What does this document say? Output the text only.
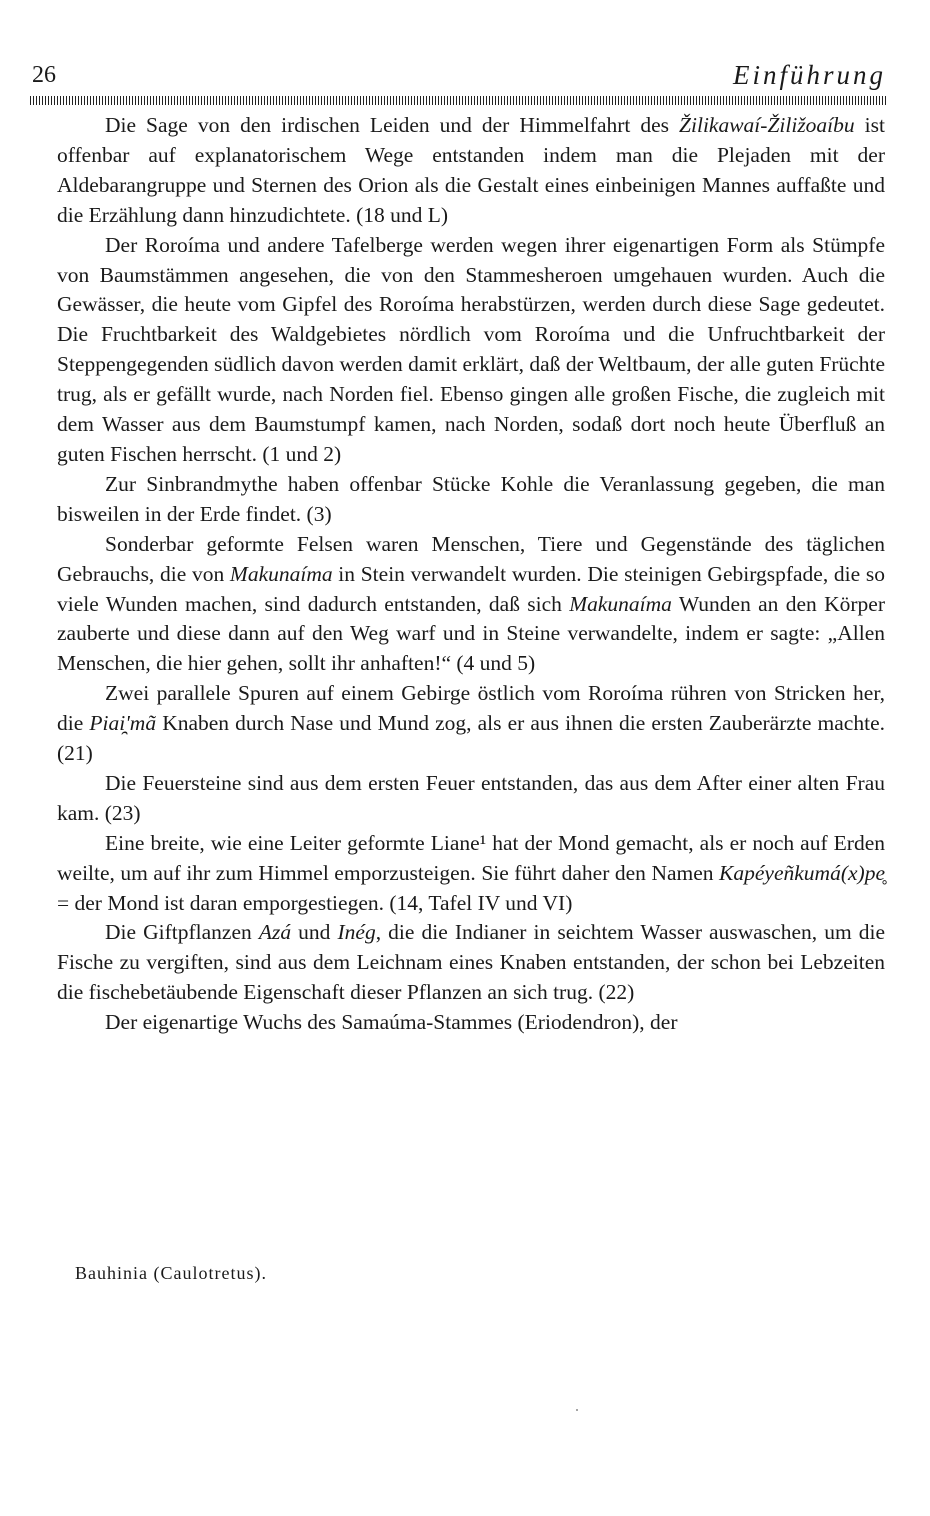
26	Einführung

Die Sage von den irdischen Leiden und der Himmelfahrt des Žilikawaí-Žiližoaíbu ist offenbar auf explanatorischem Wege entstanden indem man die Plejaden mit der Aldebarangruppe und Sternen des Orion als die Gestalt eines einbeinigen Mannes auffaßte und die Erzählung dann hinzudichtete. (18 und L)

Der Roroíma und andere Tafelberge werden wegen ihrer eigenartigen Form als Stümpfe von Baumstämmen angesehen, die von den Stammesheroen umgehauen wurden. Auch die Gewässer, die heute vom Gipfel des Roroíma herabstürzen, werden durch diese Sage gedeutet. Die Fruchtbarkeit des Waldgebietes nördlich vom Roroíma und die Unfruchtbarkeit der Steppengegenden südlich davon werden damit erklärt, daß der Weltbaum, der alle guten Früchte trug, als er gefällt wurde, nach Norden fiel. Ebenso gingen alle großen Fische, die zugleich mit dem Wasser aus dem Baumstumpf kamen, nach Norden, sodaß dort noch heute Überfluß an guten Fischen herrscht. (1 und 2)

Zur Sinbrandmythe haben offenbar Stücke Kohle die Veranlassung gegeben, die man bisweilen in der Erde findet. (3)

Sonderbar geformte Felsen waren Menschen, Tiere und Gegenstände des täglichen Gebrauchs, die von Makunaíma in Stein verwandelt wurden. Die steinigen Gebirgspfade, die so viele Wunden machen, sind dadurch entstanden, daß sich Makunaíma Wunden an den Körper zauberte und diese dann auf den Weg warf und in Steine verwandelte, indem er sagte: „Allen Menschen, die hier gehen, sollt ihr anhaften!“ (4 und 5)

Zwei parallele Spuren auf einem Gebirge östlich vom Roroíma rühren von Stricken her, die Piai̯'mã Knaben durch Nase und Mund zog, als er aus ihnen die ersten Zauberärzte machte. (21)

Die Feuersteine sind aus dem ersten Feuer entstanden, das aus dem After einer alten Frau kam. (23)

Eine breite, wie eine Leiter geformte Liane¹ hat der Mond gemacht, als er noch auf Erden weilte, um auf ihr zum Himmel emporzusteigen. Sie führt daher den Namen Kapéyeñkumá(x)pe̥ = der Mond ist daran emporgestiegen. (14, Tafel IV und VI)

Die Giftpflanzen Azá und Inég, die die Indianer in seichtem Wasser auswaschen, um die Fische zu vergiften, sind aus dem Leichnam eines Knaben entstanden, der schon bei Lebzeiten die fischebetäubende Eigenschaft dieser Pflanzen an sich trug. (22)

Der eigenartige Wuchs des Samaúma-Stammes (Eriodendron), der

Bauhinia (Caulotretus).
